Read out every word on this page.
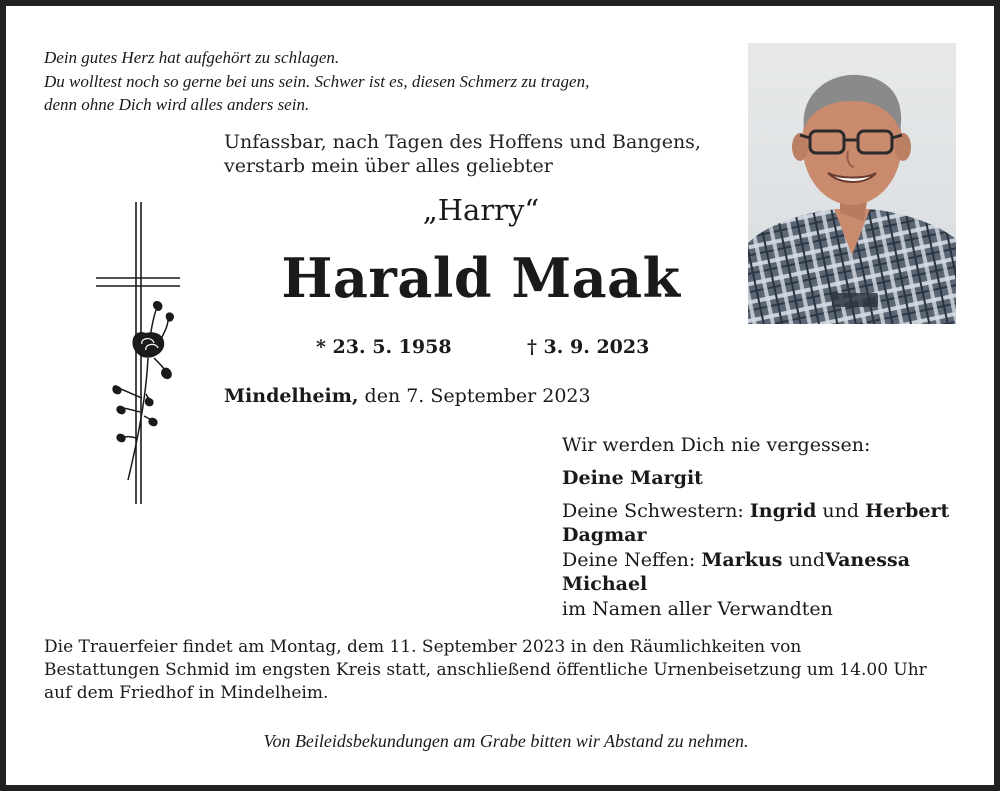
Dein gutes Herz hat aufgehört zu schlagen.
Du wolltest noch so gerne bei uns sein. Schwer ist es, diesen Schmerz zu tragen,
denn ohne Dich wird alles anders sein.
Unfassbar, nach Tagen des Hoffens und Bangens,
verstarb mein über alles geliebter
„Harry“
Harald Maak
* 23. 5. 1958	† 3. 9. 2023
Mindelheim, den 7. September 2023
Wir werden Dich nie vergessen:
Deine Margit
Deine Schwestern: Ingrid und Herbert
Dagmar
Deine Neffen: Markus undVanessa
Michael
im Namen aller Verwandten
Die Trauerfeier findet am Montag, dem 11. September 2023 in den Räumlichkeiten von
Bestattungen Schmid im engsten Kreis statt, anschließend öffentliche Urnenbeisetzung um 14.00 Uhr
auf dem Friedhof in Mindelheim.
Von Beileidsbekundungen am Grabe bitten wir Abstand zu nehmen.
